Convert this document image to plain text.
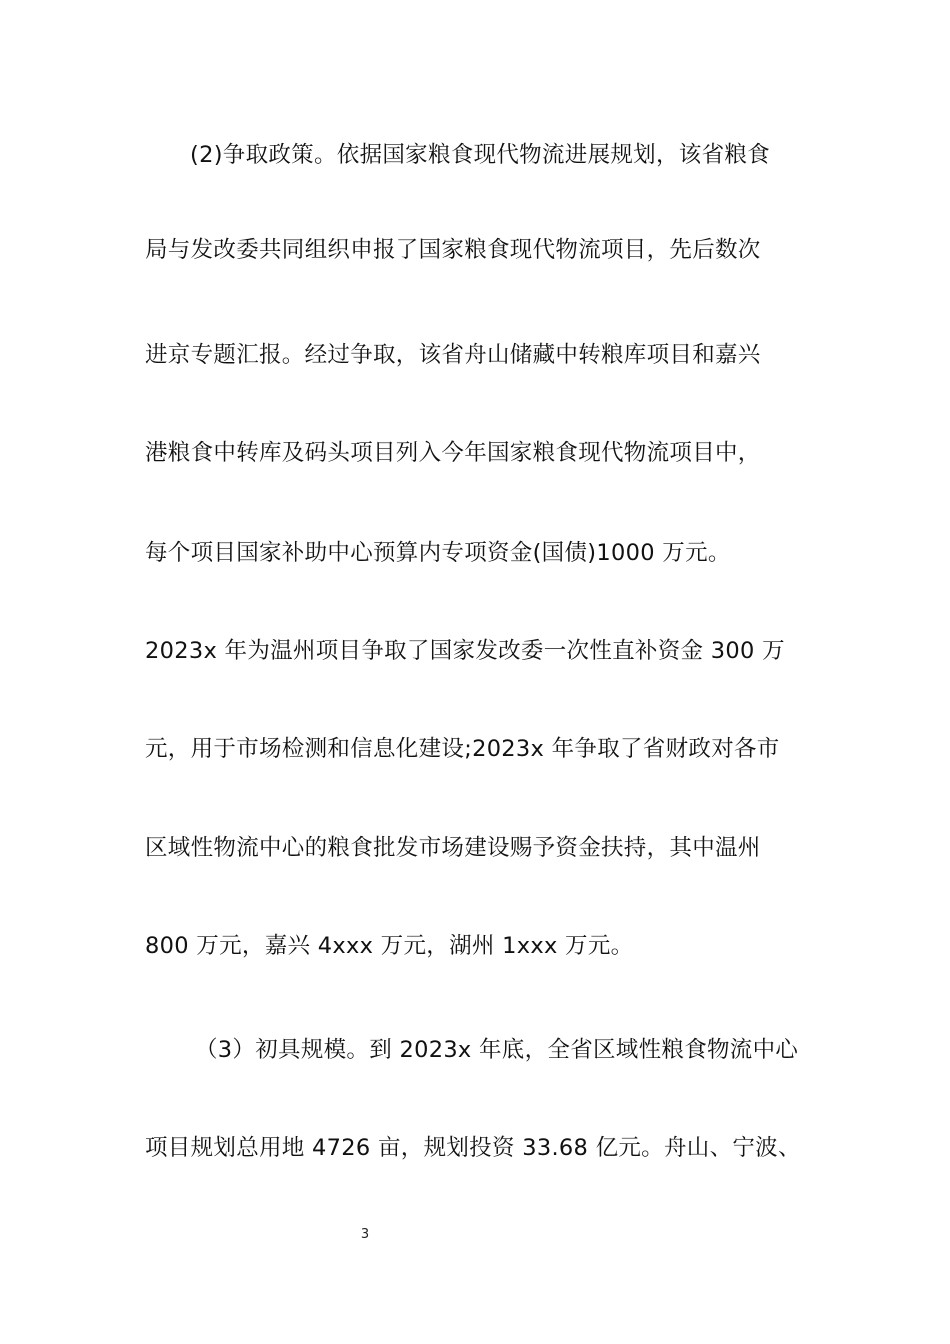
(2)争取政策。依据国家粮食现代物流进展规划，该省粮食
局与发改委共同组织申报了国家粮食现代物流项目，先后数次
进京专题汇报。经过争取，该省舟山储藏中转粮库项目和嘉兴
港粮食中转库及码头项目列入今年国家粮食现代物流项目中，
每个项目国家补助中心预算内专项资金(国债)1000 万元。
2023x 年为温州项目争取了国家发改委一次性直补资金 300 万
元，用于市场检测和信息化建设;2023x 年争取了省财政对各市
区域性物流中心的粮食批发市场建设赐予资金扶持，其中温州
800 万元，嘉兴 4xxx 万元，湖州 1xxx 万元。
（3）初具规模。到 2023x 年底，全省区域性粮食物流中心
项目规划总用地 4726 亩，规划投资 33.68 亿元。舟山、宁波、
3
